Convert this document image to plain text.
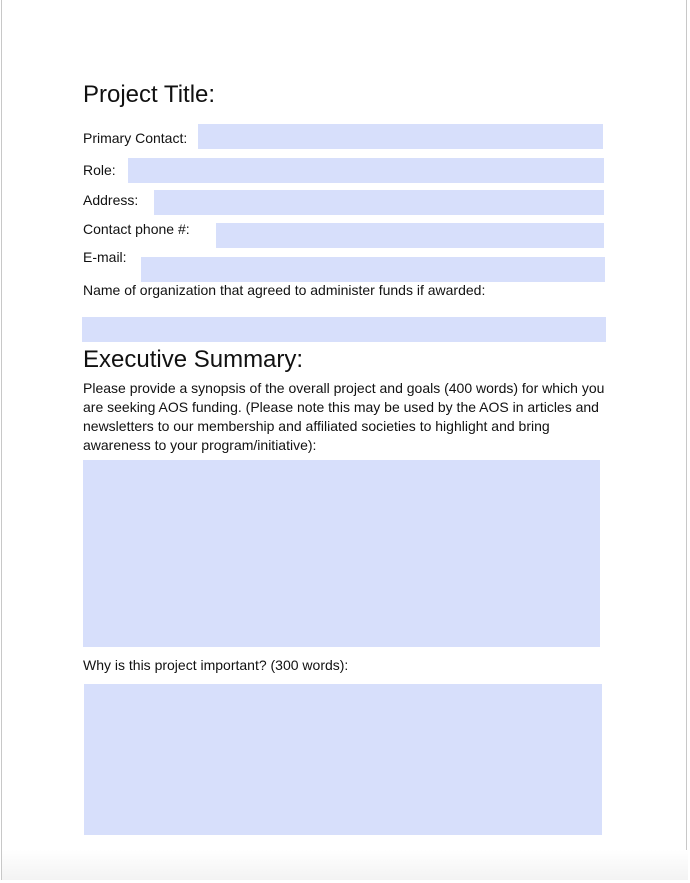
Project Title:
Primary Contact:
Role:
Address:
Contact phone #:
E-mail:
Name of organization that agreed to administer funds if awarded:
Executive Summary:
Please provide a synopsis of the overall project and goals (400 words) for which you are seeking AOS funding. (Please note this may be used by the AOS in articles and newsletters to our membership and affiliated societies to highlight and bring awareness to your program/initiative):
Why is this project important? (300 words):
